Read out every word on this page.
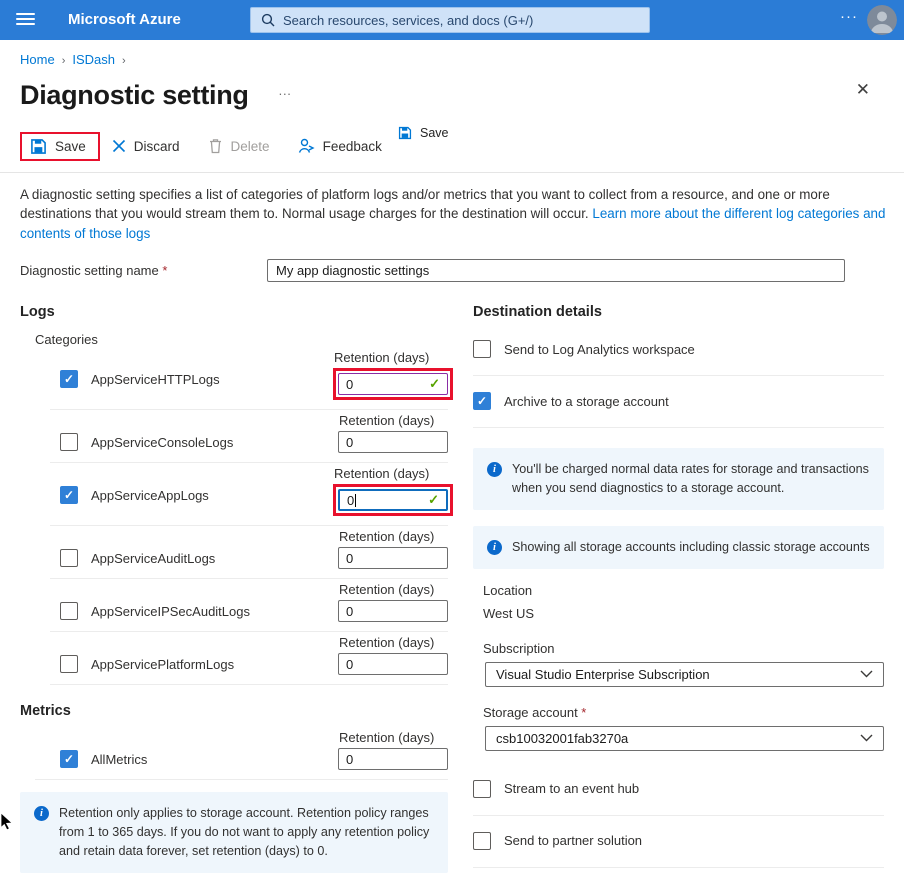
Microsoft Azure
Search resources, services, and docs (G+/)	···
Home › ISDash ›
Diagnostic setting ···	✕
Save	Discard	Delete	Feedback
Save

A diagnostic setting specifies a list of categories of platform logs and/or metrics that you want to collect from a resource, and one or more destinations that you would stream them to. Normal usage charges for the destination will occur. Learn more about the different log categories and contents of those logs

Diagnostic setting name *
My app diagnostic settings
Logs
Categories
✓ AppServiceHTTPLogs
Retention (days)
0	✓
AppServiceConsoleLogs
Retention (days)
0
✓ AppServiceAppLogs
Retention (days)
0	✓
AppServiceAuditLogs
Retention (days)
0
AppServiceIPSecAuditLogs
Retention (days)
0
AppServicePlatformLogs
Retention (days)
0
Metrics
✓ AllMetrics
Retention (days)
0
i	Retention only applies to storage account. Retention policy ranges from 1 to 365 days. If you do not want to apply any retention policy and retain data forever, set retention (days) to 0.
Destination details
Send to Log Analytics workspace
✓ Archive to a storage account
i	You'll be charged normal data rates for storage and transactions when you send diagnostics to a storage account.
i	Showing all storage accounts including classic storage accounts
Location
West US
Subscription
Visual Studio Enterprise Subscription
Storage account *
csb10032001fab3270a
Stream to an event hub
Send to partner solution
